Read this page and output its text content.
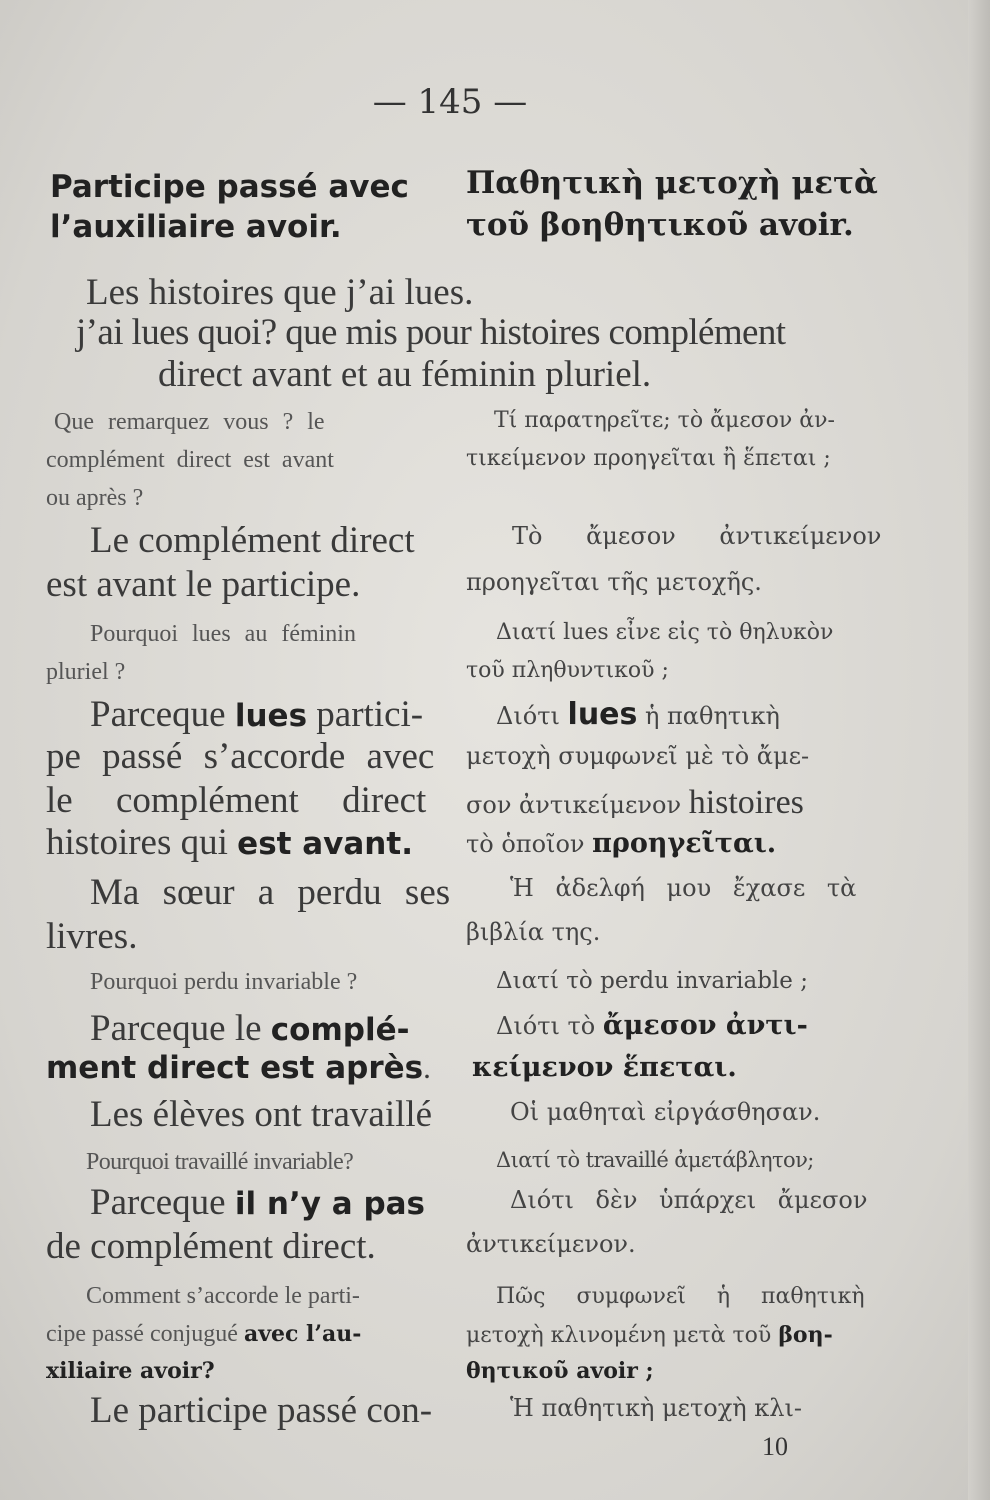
— 145 —
Participe passé avec
l’auxiliaire avoir.
Παθητικὴ μετοχὴ μετὰ
τοῦ βοηθητικοῦ avoir.
Les histoires que j’ai lues.
j’ai lues quoi? que mis pour histoires complément
direct avant et au féminin pluriel.
Que remarquez vous ? le
complément direct est avant
ou après ?
Τί παρατηρεῖτε; τὸ ἄμεσον ἀν-
τικείμενον προηγεῖται ἢ ἕπεται ;
Le complément direct
est avant le participe.
Τὸ ἄμεσον ἀντικείμενον
προηγεῖται τῆς μετοχῆς.
Pourquoi lues au féminin
pluriel ?
Διατί lues εἶνε εἰς τὸ θηλυκὸν
τοῦ πληθυντικοῦ ;
Parceque lues partici-
pe passé s’accorde avec
le complément direct
histoires qui est avant.
Διότι lues ἡ παθητικὴ
μετοχὴ συμφωνεῖ μὲ τὸ ἄμε-
σον ἀντικείμενον histoires
τὸ ὁποῖον προηγεῖται.
Ma sœur a perdu ses
livres.
Ἡ ἀδελφή μου ἔχασε τὰ
βιβλία της.
Pourquoi perdu invariable ?	Διατί τὸ perdu invariable ;
Parceque le complé-
ment direct est après.
Διότι τὸ ἄμεσον ἀντι-
κείμενον ἕπεται.
Les élèves ont travaillé	Οἱ μαθηταὶ εἰργάσθησαν.
Pourquoi travaillé invariable?	Διατί τὸ travaillé ἀμετάβλητον;
Parceque il n’y a pas
de complément direct.
Διότι δὲν ὑπάρχει ἄμεσον
ἀντικείμενον.
Comment s’accorde le parti-
cipe passé conjugué avec l’au-
xiliaire avoir?
Πῶς συμφωνεῖ ἡ παθητικὴ
μετοχὴ κλινομένη μετὰ τοῦ βοη-
θητικοῦ avoir ;
Le participe passé con-	Ἡ παθητικὴ μετοχὴ κλι-
10
